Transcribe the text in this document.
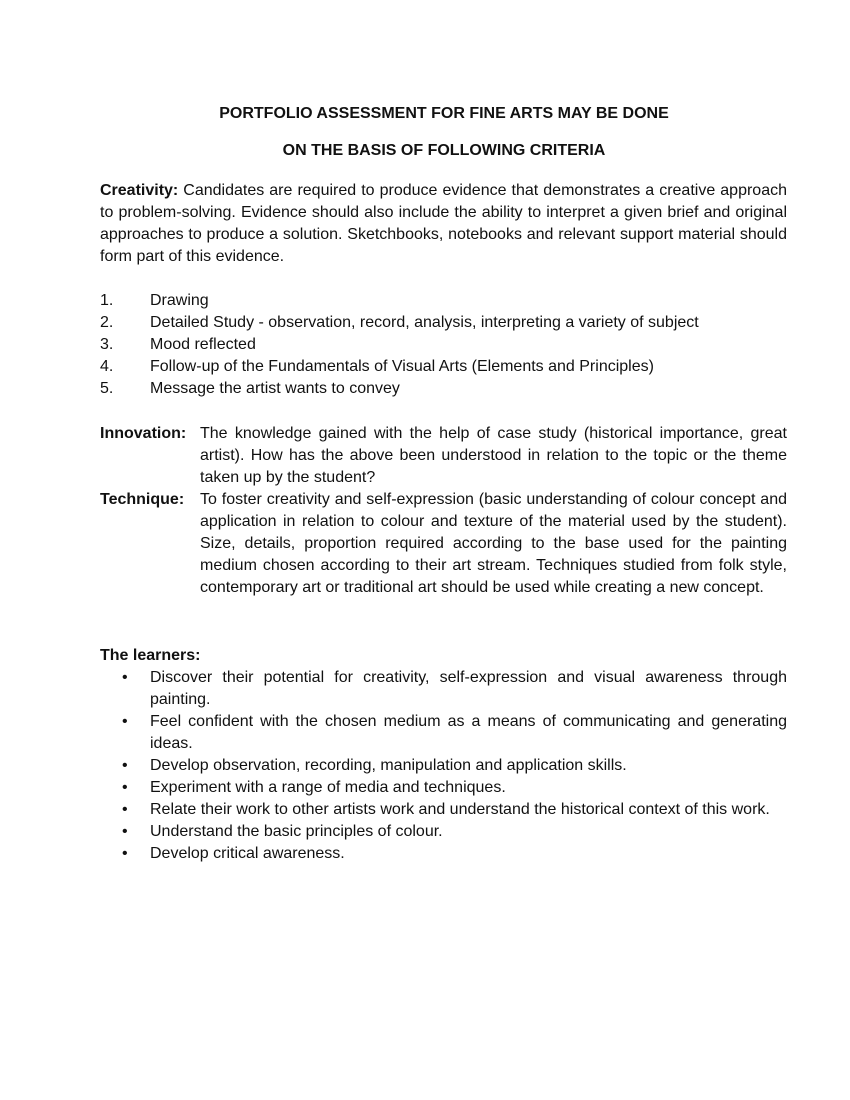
PORTFOLIO ASSESSMENT FOR FINE ARTS MAY BE DONE
ON THE BASIS OF FOLLOWING CRITERIA
Creativity: Candidates are required to produce evidence that demonstrates a creative approach to problem-solving. Evidence should also include the ability to interpret a given brief and original approaches to produce a solution. Sketchbooks, notebooks and relevant support material should form part of this evidence.
1.	Drawing
2.	Detailed Study - observation, record, analysis, interpreting a variety of subject
3.	Mood reflected
4.	Follow-up of the Fundamentals of Visual Arts (Elements and Principles)
5.	Message the artist wants to convey
Innovation: The knowledge gained with the help of case study (historical importance, great artist). How has the above been understood in relation to the topic or the theme taken up by the student?
Technique: To foster creativity and self-expression (basic understanding of colour concept and application in relation to colour and texture of the material used by the student). Size, details, proportion required according to the base used for the painting medium chosen according to their art stream. Techniques studied from folk style, contemporary art or traditional art should be used while creating a new concept.
The learners:
•	Discover their potential for creativity, self-expression and visual awareness through painting.
•	Feel confident with the chosen medium as a means of communicating and generating ideas.
•	Develop observation, recording, manipulation and application skills.
•	Experiment with a range of media and techniques.
•	Relate their work to other artists work and understand the historical context of this work.
•	Understand the basic principles of colour.
•	Develop critical awareness.
